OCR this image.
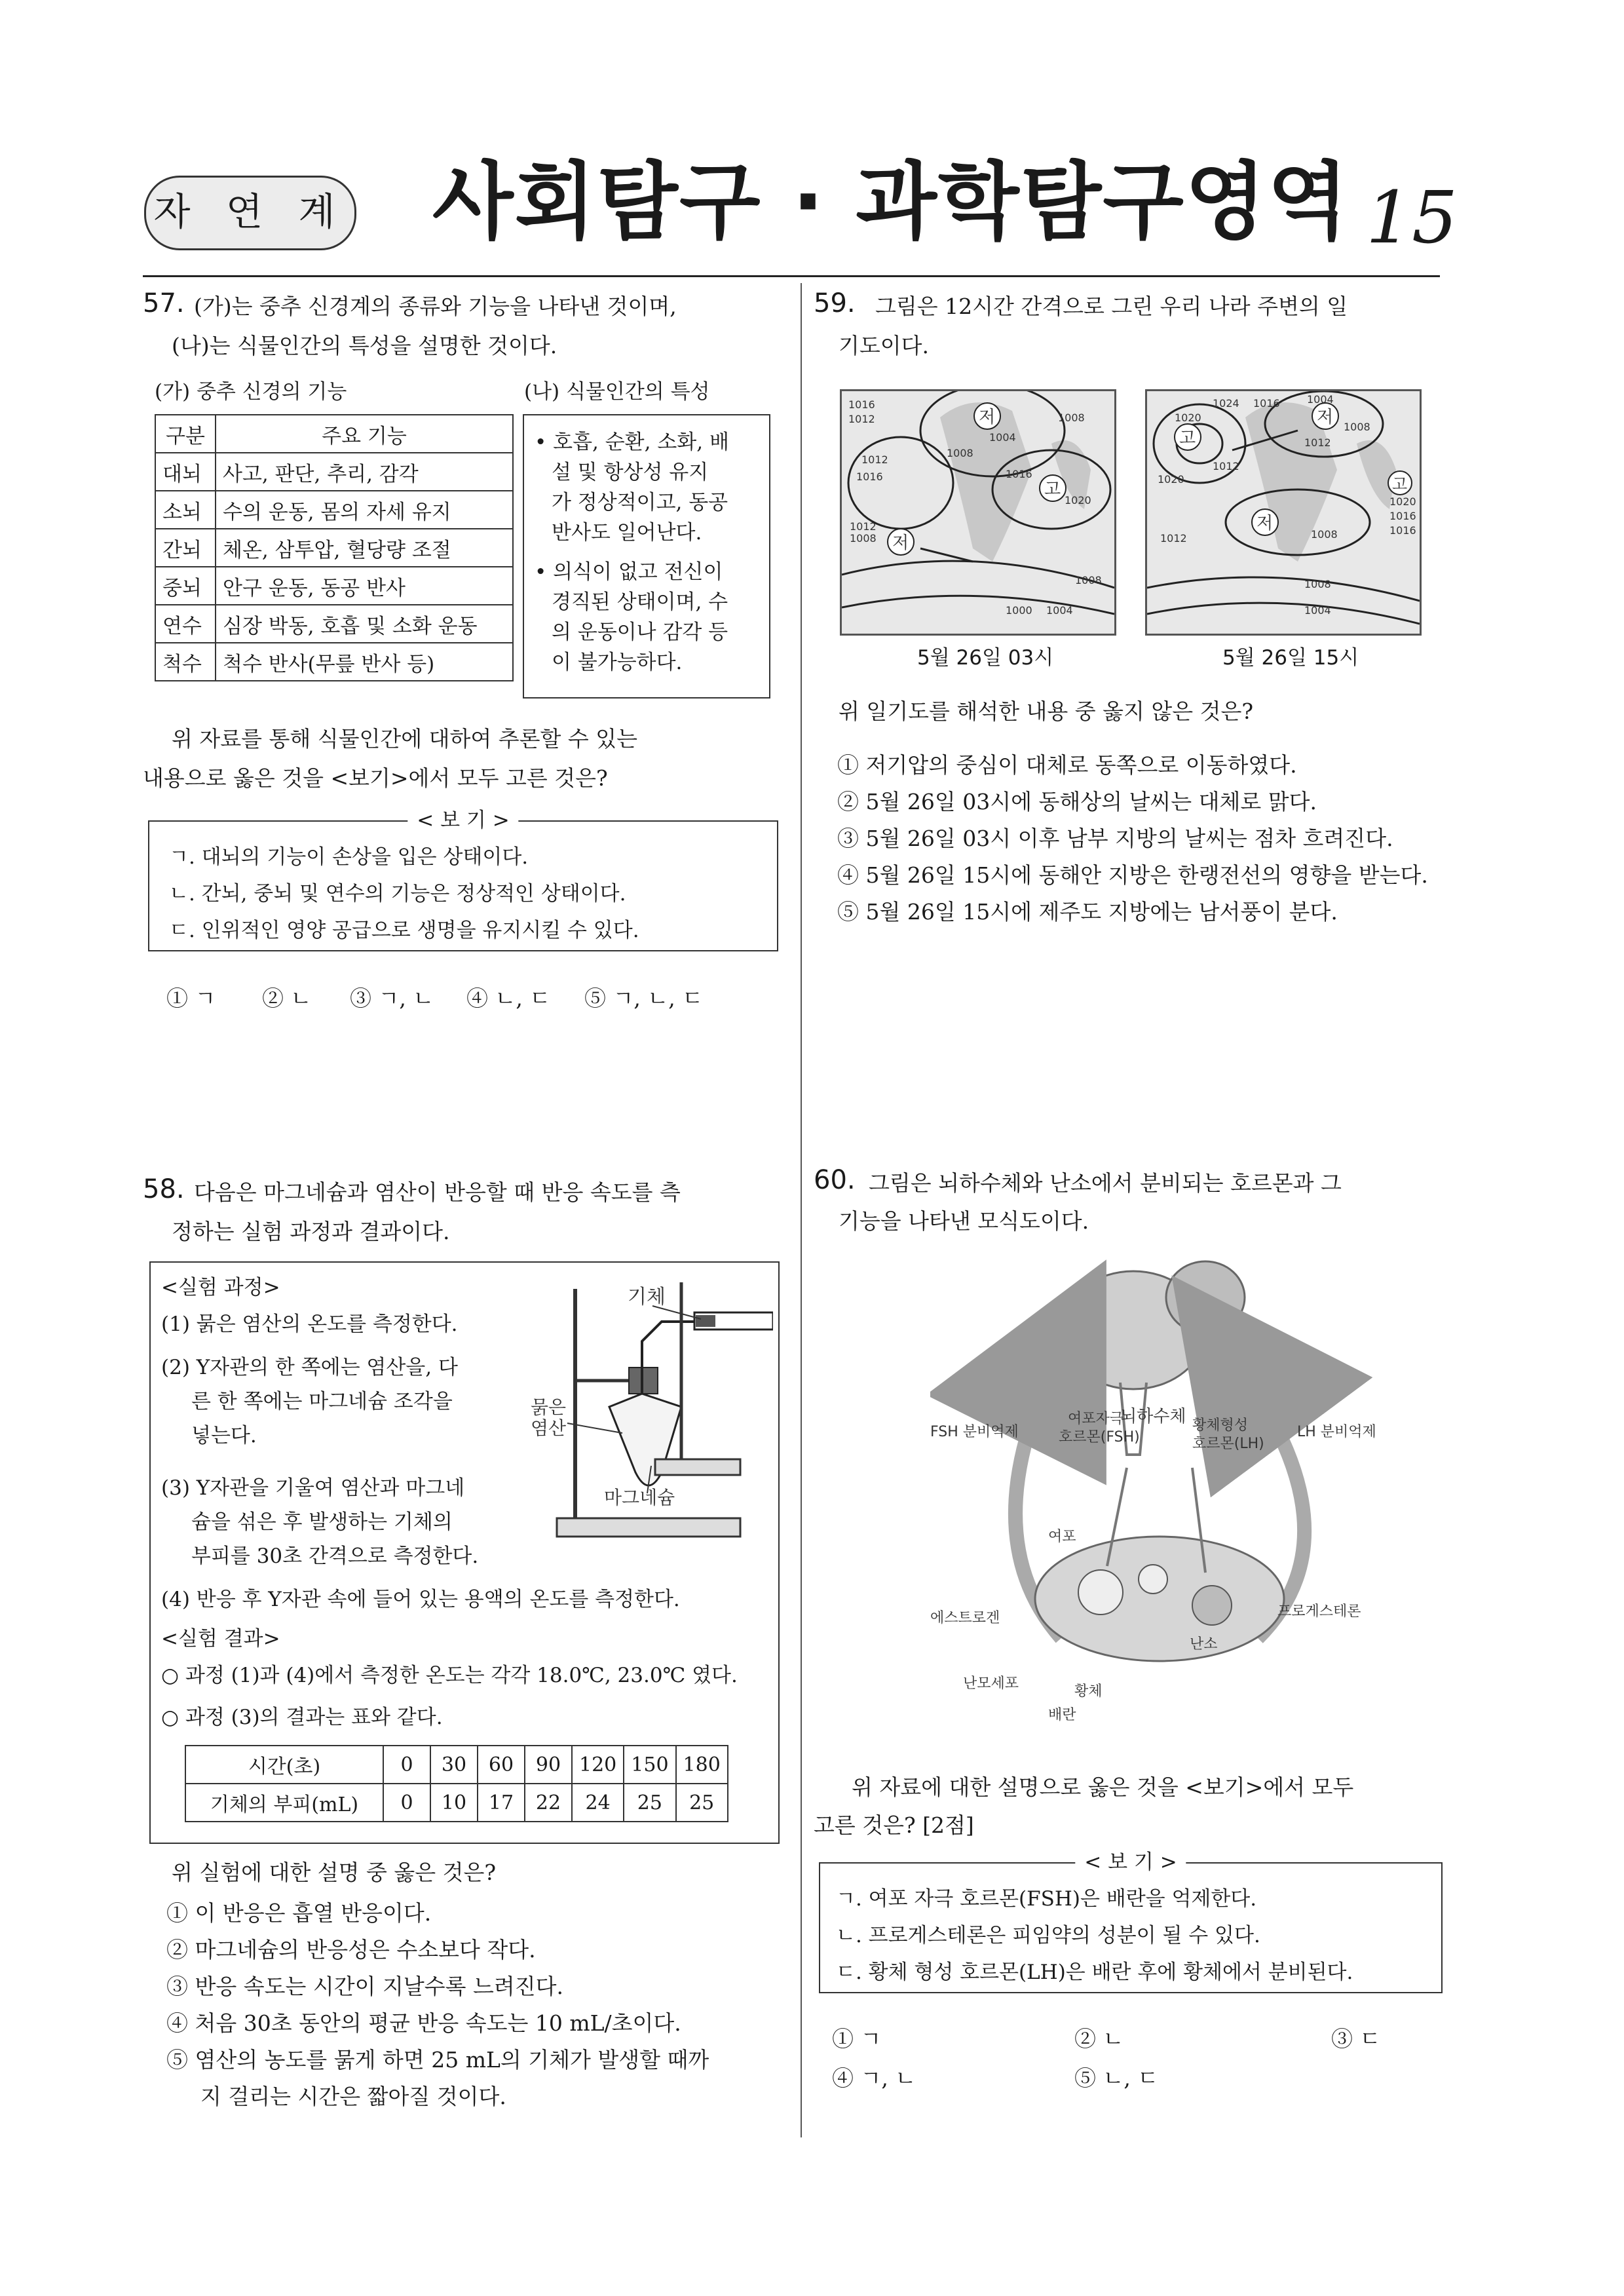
자 연 계 사회탐구 · 과학탐구영역 15
57. (가)는 중추 신경계의 종류와 기능을 나타낸 것이며,
(나)는 식물인간의 특성을 설명한 것이다.
(가) 중추 신경의 기능	(나) 식물인간의 특성
구분	주요 기능
대뇌	사고, 판단, 추리, 감각
소뇌	수의 운동, 몸의 자세 유지
간뇌	체온, 삼투압, 혈당량 조절
중뇌	안구 운동, 동공 반사
연수	심장 박동, 호흡 및 소화 운동
척수	척수 반사(무릎 반사 등)
• 호흡, 순환, 소화, 배
설 및 항상성 유지
가 정상적이고, 동공
반사도 일어난다.
• 의식이 없고 전신이
경직된 상태이며, 수
의 운동이나 감각 등
이 불가능하다.
위 자료를 통해 식물인간에 대하여 추론할 수 있는
내용으로 옳은 것을 <보기>에서 모두 고른 것은?
< 보 기 >
ㄱ. 대뇌의 기능이 손상을 입은 상태이다.
ㄴ. 간뇌, 중뇌 및 연수의 기능은 정상적인 상태이다.
ㄷ. 인위적인 영양 공급으로 생명을 유지시킬 수 있다.
① ㄱ ② ㄴ ③ ㄱ, ㄴ ④ ㄴ, ㄷ ⑤ ㄱ, ㄴ, ㄷ
58. 다음은 마그네슘과 염산이 반응할 때 반응 속도를 측
정하는 실험 과정과 결과이다.
<실험 과정>
(1) 묽은 염산의 온도를 측정한다.
(2) Y자관의 한 쪽에는 염산을, 다
른 한 쪽에는 마그네슘 조각을
넣는다.
(3) Y자관을 기울여 염산과 마그네
슘을 섞은 후 발생하는 기체의
부피를 30초 간격으로 측정한다.
(4) 반응 후 Y자관 속에 들어 있는 용액의 온도를 측정한다.
<실험 결과>
○ 과정 (1)과 (4)에서 측정한 온도는 각각 18.0℃, 23.0℃ 였다.
○ 과정 (3)의 결과는 표와 같다.
기체
묽은
염산
마그네슘
시간(초)	0	30	60	90	120	150	180
기체의 부피(mL)	0	10	17	22	24	25	25
위 실험에 대한 설명 중 옳은 것은?
① 이 반응은 흡열 반응이다.
② 마그네슘의 반응성은 수소보다 작다.
③ 반응 속도는 시간이 지날수록 느려진다.
④ 처음 30초 동안의 평균 반응 속도는 10 mL/초이다.
⑤ 염산의 농도를 묽게 하면 25 mL의 기체가 발생할 때까
지 걸리는 시간은 짧아질 것이다.
59. 그림은 12시간 간격으로 그린 우리 나라 주변의 일
기도이다.
저
저
고
1016
1012
1008
1004
1008
1012
1016
1020
1016
1012
1008
1000 1004
1008
고
고
저
저
1024
1020
1016
1012
1008
1004
1012
1008
1016
1020
1016
1012
1020
1004
1008
5월 26일 03시	5월 26일 15시
위 일기도를 해석한 내용 중 옳지 않은 것은?
① 저기압의 중심이 대체로 동쪽으로 이동하였다.
② 5월 26일 03시에 동해상의 날씨는 대체로 맑다.
③ 5월 26일 03시 이후 남부 지방의 날씨는 점차 흐려진다.
④ 5월 26일 15시에 동해안 지방은 한랭전선의 영향을 받는다.
⑤ 5월 26일 15시에 제주도 지방에는 남서풍이 분다.
60. 그림은 뇌하수체와 난소에서 분비되는 호르몬과 그
기능을 나타낸 모식도이다.
뇌하수체
여포자극
호르몬(FSH)
황체형성
호르몬(LH)
FSH 분비억제	LH 분비억제
여포
에스트로겐	프로게스테론
난소
난모세포	황체
배란
위 자료에 대한 설명으로 옳은 것을 <보기>에서 모두
고른 것은? [2점]
< 보 기 >
ㄱ. 여포 자극 호르몬(FSH)은 배란을 억제한다.
ㄴ. 프로게스테론은 피임약의 성분이 될 수 있다.
ㄷ. 황체 형성 호르몬(LH)은 배란 후에 황체에서 분비된다.
① ㄱ	② ㄴ	③ ㄷ
④ ㄱ, ㄴ	⑤ ㄴ, ㄷ
